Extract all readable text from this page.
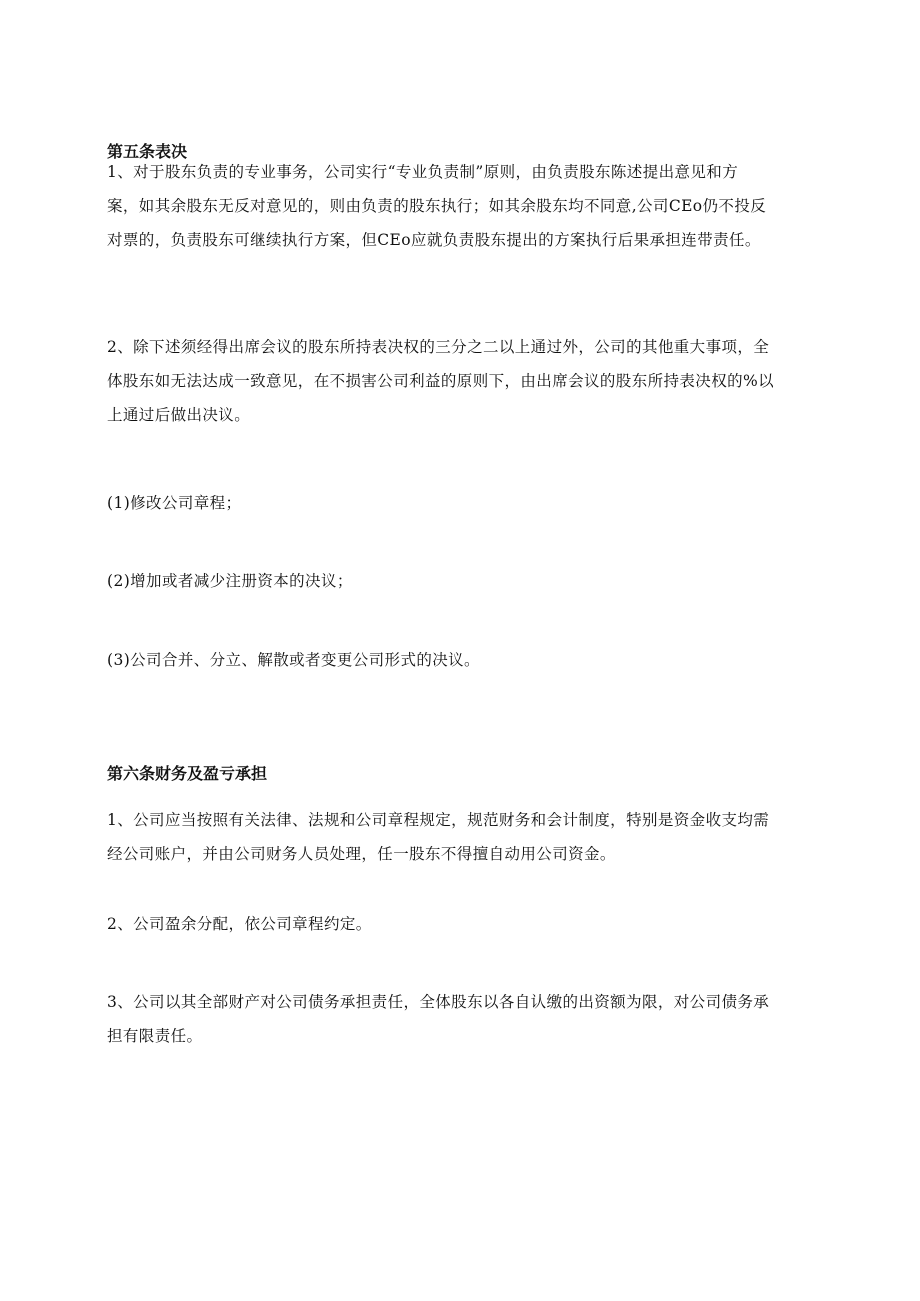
第五条表决

1、对于股东负责的专业事务，公司实行“专业负责制”原则，由负责股东陈述提出意见和方
案，如其余股东无反对意见的，则由负责的股东执行；如其余股东均不同意,公司CEo仍不投反
对票的，负责股东可继续执行方案，但CEo应就负责股东提出的方案执行后果承担连带责任。

2、除下述须经得出席会议的股东所持表决权的三分之二以上通过外，公司的其他重大事项，全
体股东如无法达成一致意见，在不损害公司利益的原则下，由出席会议的股东所持表决权的%以
上通过后做出决议。

(1)修改公司章程；

(2)增加或者减少注册资本的决议；

(3)公司合并、分立、解散或者变更公司形式的决议。

第六条财务及盈亏承担

1、公司应当按照有关法律、法规和公司章程规定，规范财务和会计制度，特别是资金收支均需
经公司账户，并由公司财务人员处理，任一股东不得擅自动用公司资金。

2、公司盈余分配，依公司章程约定。

3、公司以其全部财产对公司债务承担责任，全体股东以各自认缴的出资额为限，对公司债务承
担有限责任。
